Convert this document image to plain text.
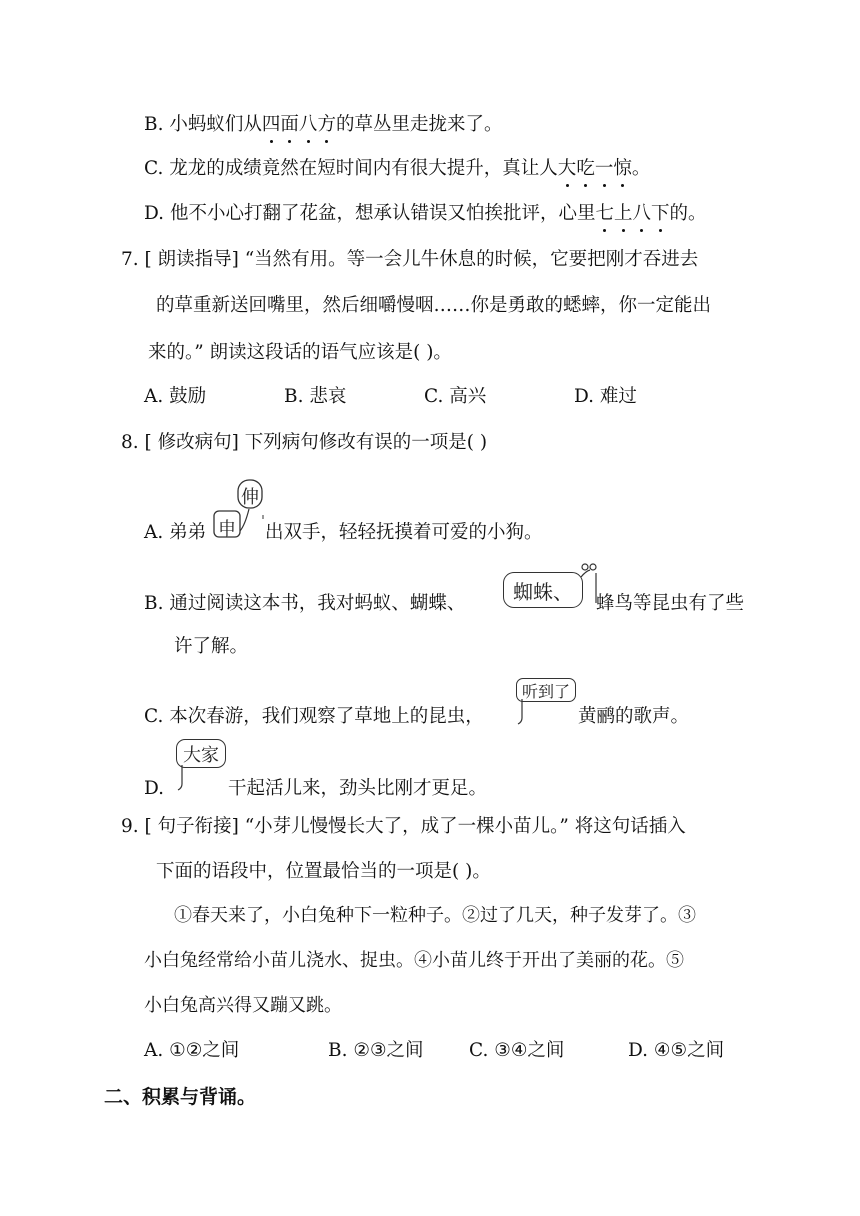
B. 小蚂蚁们从四面八方的草丛里走拢来了。
C. 龙龙的成绩竟然在短时间内有很大提升，真让人大吃一惊。
D. 他不小心打翻了花盆，想承认错误又怕挨批评，心里七上八下的。
7. [ 朗读指导] “当然有用。等一会儿牛休息的时候，它要把刚才吞进去
的草重新送回嘴里，然后细嚼慢咽……你是勇敢的蟋蟀，你一定能出
来的。” 朗读这段话的语气应该是( )。
A. 鼓励	B. 悲哀	C. 高兴	D. 难过
8. [ 修改病句] 下列病句修改有误的一项是( )
A. 弟弟
伸
申 出双手，轻轻抚摸着可爱的小狗。
B. 通过阅读这本书，我对蚂蚁、蝴蝶、 蜘蛛、 蜂鸟等昆虫有了些
许了解。
C. 本次春游，我们观察了草地上的昆虫，
听到了
黄鹂的歌声。
D.
大家
干起活儿来，劲头比刚才更足。
9. [ 句子衔接] “小芽儿慢慢长大了，成了一棵小苗儿。” 将这句话插入
下面的语段中，位置最恰当的一项是( )。
①春天来了，小白兔种下一粒种子。②过了几天，种子发芽了。③
小白兔经常给小苗儿浇水、捉虫。④小苗儿终于开出了美丽的花。⑤
小白兔高兴得又蹦又跳。
A. ①②之间	B. ②③之间 C. ③④之间	D. ④⑤之间
二、积累与背诵。
